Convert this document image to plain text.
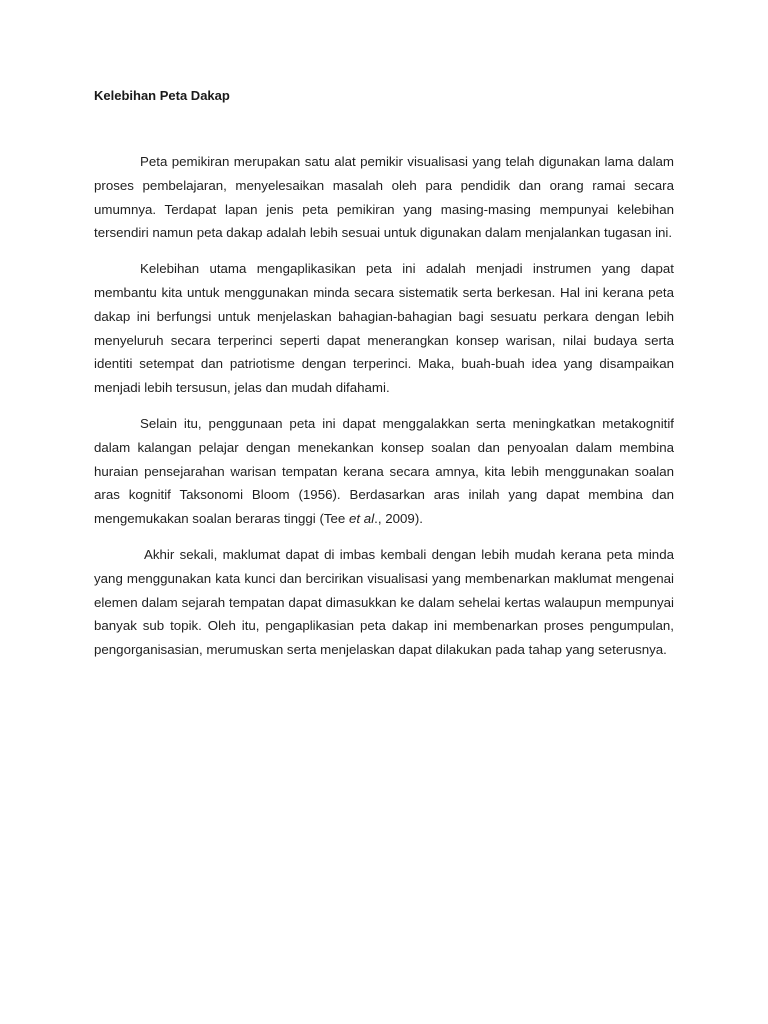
Kelebihan Peta Dakap

Peta pemikiran merupakan satu alat pemikir visualisasi yang telah digunakan lama dalam proses pembelajaran, menyelesaikan masalah oleh para pendidik dan orang ramai secara umumnya. Terdapat lapan jenis peta pemikiran yang masing-masing mempunyai kelebihan tersendiri namun peta dakap adalah lebih sesuai untuk digunakan dalam menjalankan tugasan ini.

Kelebihan utama mengaplikasikan peta ini adalah menjadi instrumen yang dapat membantu kita untuk menggunakan minda secara sistematik serta berkesan. Hal ini kerana peta dakap ini berfungsi untuk menjelaskan bahagian-bahagian bagi sesuatu perkara dengan lebih menyeluruh secara terperinci seperti dapat menerangkan konsep warisan, nilai budaya serta identiti setempat dan patriotisme dengan terperinci. Maka, buah-buah idea yang disampaikan menjadi lebih tersusun, jelas dan mudah difahami.

Selain itu, penggunaan peta ini dapat menggalakkan serta meningkatkan metakognitif dalam kalangan pelajar dengan menekankan konsep soalan dan penyoalan dalam membina huraian pensejarahan warisan tempatan kerana secara amnya, kita lebih menggunakan soalan aras kognitif Taksonomi Bloom (1956). Berdasarkan aras inilah yang dapat membina dan mengemukakan soalan beraras tinggi (Tee et al., 2009).

Akhir sekali, maklumat dapat di imbas kembali dengan lebih mudah kerana peta minda yang menggunakan kata kunci dan bercirikan visualisasi yang membenarkan maklumat mengenai elemen dalam sejarah tempatan dapat dimasukkan ke dalam sehelai kertas walaupun mempunyai banyak sub topik. Oleh itu, pengaplikasian peta dakap ini membenarkan proses pengumpulan, pengorganisasian, merumuskan serta menjelaskan dapat dilakukan pada tahap yang seterusnya.
